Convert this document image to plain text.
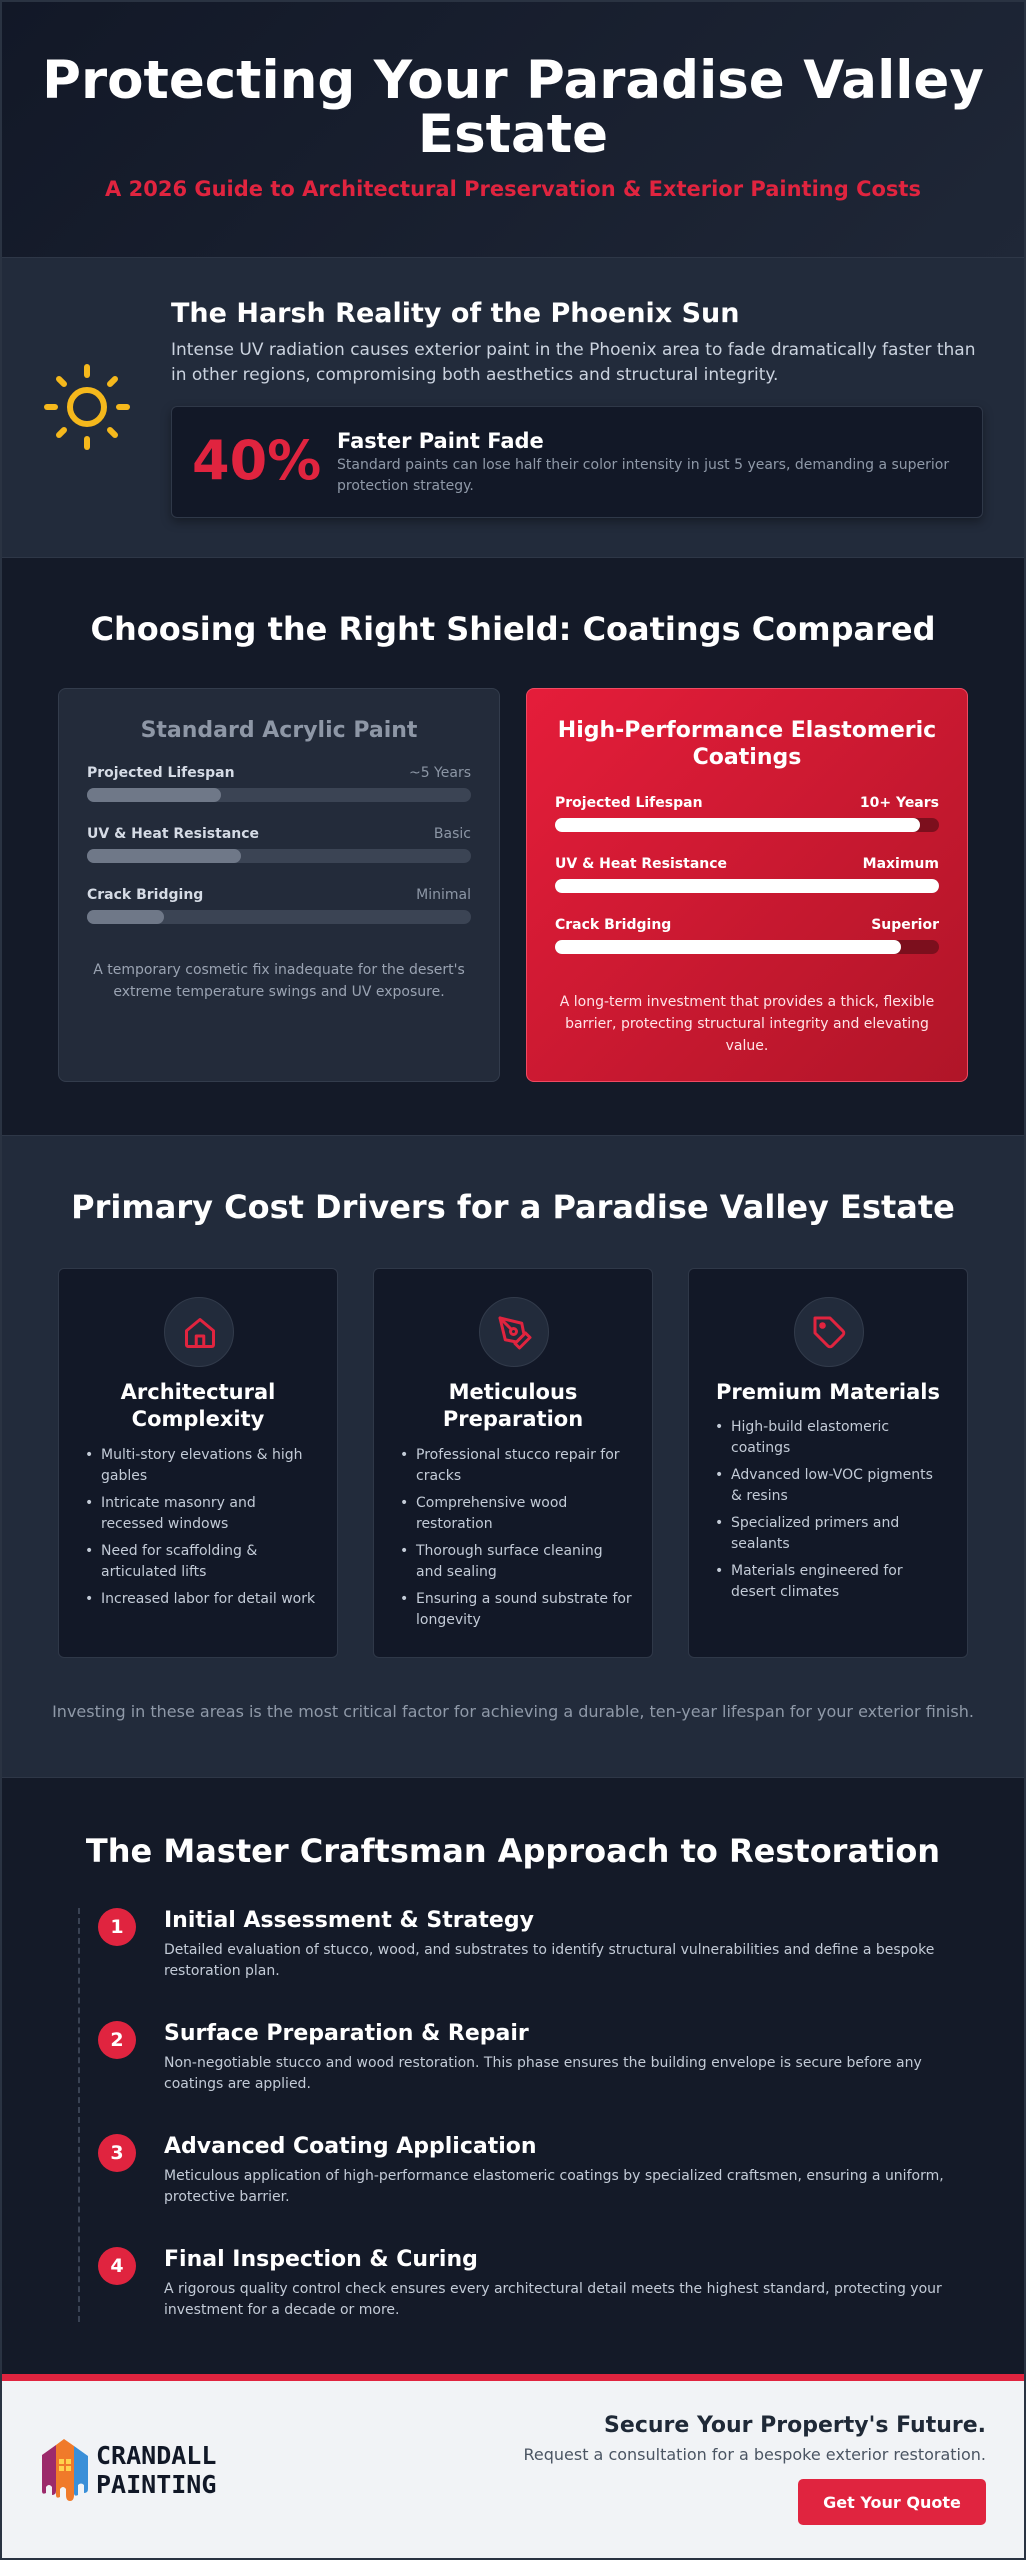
Protecting Your Paradise Valley Estate
A 2026 Guide to Architectural Preservation & Exterior Painting Costs
The Harsh Reality of the Phoenix Sun

Intense UV radiation causes exterior paint in the Phoenix area to fade dramatically faster than in other regions, compromising both aesthetics and structural integrity.

40% Faster Paint Fade
Standard paints can lose half their color intensity in just 5 years, demanding a superior protection strategy.
Choosing the Right Shield: Coatings Compared
Standard Acrylic Paint
Projected Lifespan	~5 Years
UV & Heat Resistance	Basic
Crack Bridging	Minimal

A temporary cosmetic fix inadequate for the desert's extreme temperature swings and UV exposure.

High-Performance Elastomeric Coatings
Projected Lifespan	10+ Years
UV & Heat Resistance	Maximum
Crack Bridging	Superior

A long-term investment that provides a thick, flexible barrier, protecting structural integrity and elevating value.

Primary Cost Drivers for a Paradise Valley Estate
Architectural Complexity
• Multi-story elevations & high gables
• Intricate masonry and recessed windows
• Need for scaffolding & articulated lifts
• Increased labor for detail work
Meticulous Preparation
• Professional stucco repair for cracks
• Comprehensive wood restoration
• Thorough surface cleaning and sealing
• Ensuring a sound substrate for longevity
Premium Materials
• High-build elastomeric coatings
• Advanced low-VOC pigments & resins
• Specialized primers and sealants
• Materials engineered for desert climates

Investing in these areas is the most critical factor for achieving a durable, ten-year lifespan for your exterior finish.

The Master Craftsman Approach to Restoration
1	Initial Assessment & Strategy
Detailed evaluation of stucco, wood, and substrates to identify structural vulnerabilities and define a bespoke restoration plan.
2	Surface Preparation & Repair
Non-negotiable stucco and wood restoration. This phase ensures the building envelope is secure before any coatings are applied.
3	Advanced Coating Application
Meticulous application of high-performance elastomeric coatings by specialized craftsmen, ensuring a uniform, protective barrier.
4	Final Inspection & Curing
A rigorous quality control check ensures every architectural detail meets the highest standard, protecting your investment for a decade or more.
CRANDALL
PAINTING
Secure Your Property's Future.
Request a consultation for a bespoke exterior restoration.
Get Your Quote
